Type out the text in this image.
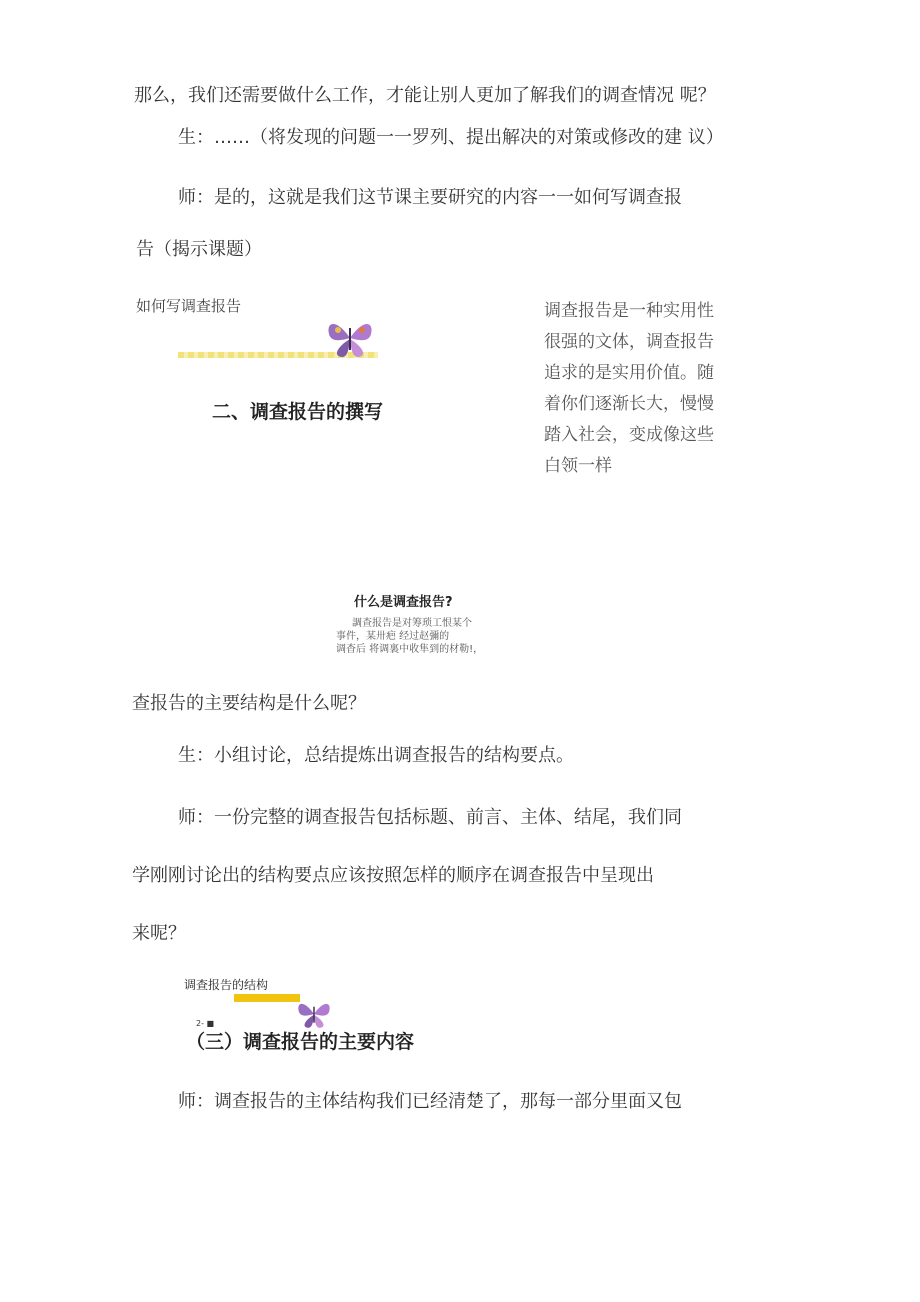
那么，我们还需要做什么工作，才能让别人更加了解我们的调查情况 呢？
生：……（将发现的问题一一罗列、提出解决的对策或修改的建 议）
师：是的，这就是我们这节课主要研究的内容一一如何写调查报
告（揭示课题）
如何写调查报告
二、调查报告的撰写
调查报告是一种实用性很强的文体，调查报告追求的是实用价值。随着你们逐渐长大，慢慢踏入社会，变成像这些白领一样
什么是调查报告?
調查报告是对筹琐工恨某个
事件，某卅疤 经过赵彌的
调杳后 将调裏中收隼到的材勒!，
查报告的主要结构是什么呢？
生：小组讨论，总结提炼出调查报告的结构要点。
师：一份完整的调查报告包括标题、前言、主体、结尾，我们同
学刚刚讨论出的结构要点应该按照怎样的顺序在调查报告中呈现出
来呢？
调查报告的结构
2- ■
（三）调查报告的主要内容
师：调查报告的主体结构我们已经清楚了，那每一部分里面又包
